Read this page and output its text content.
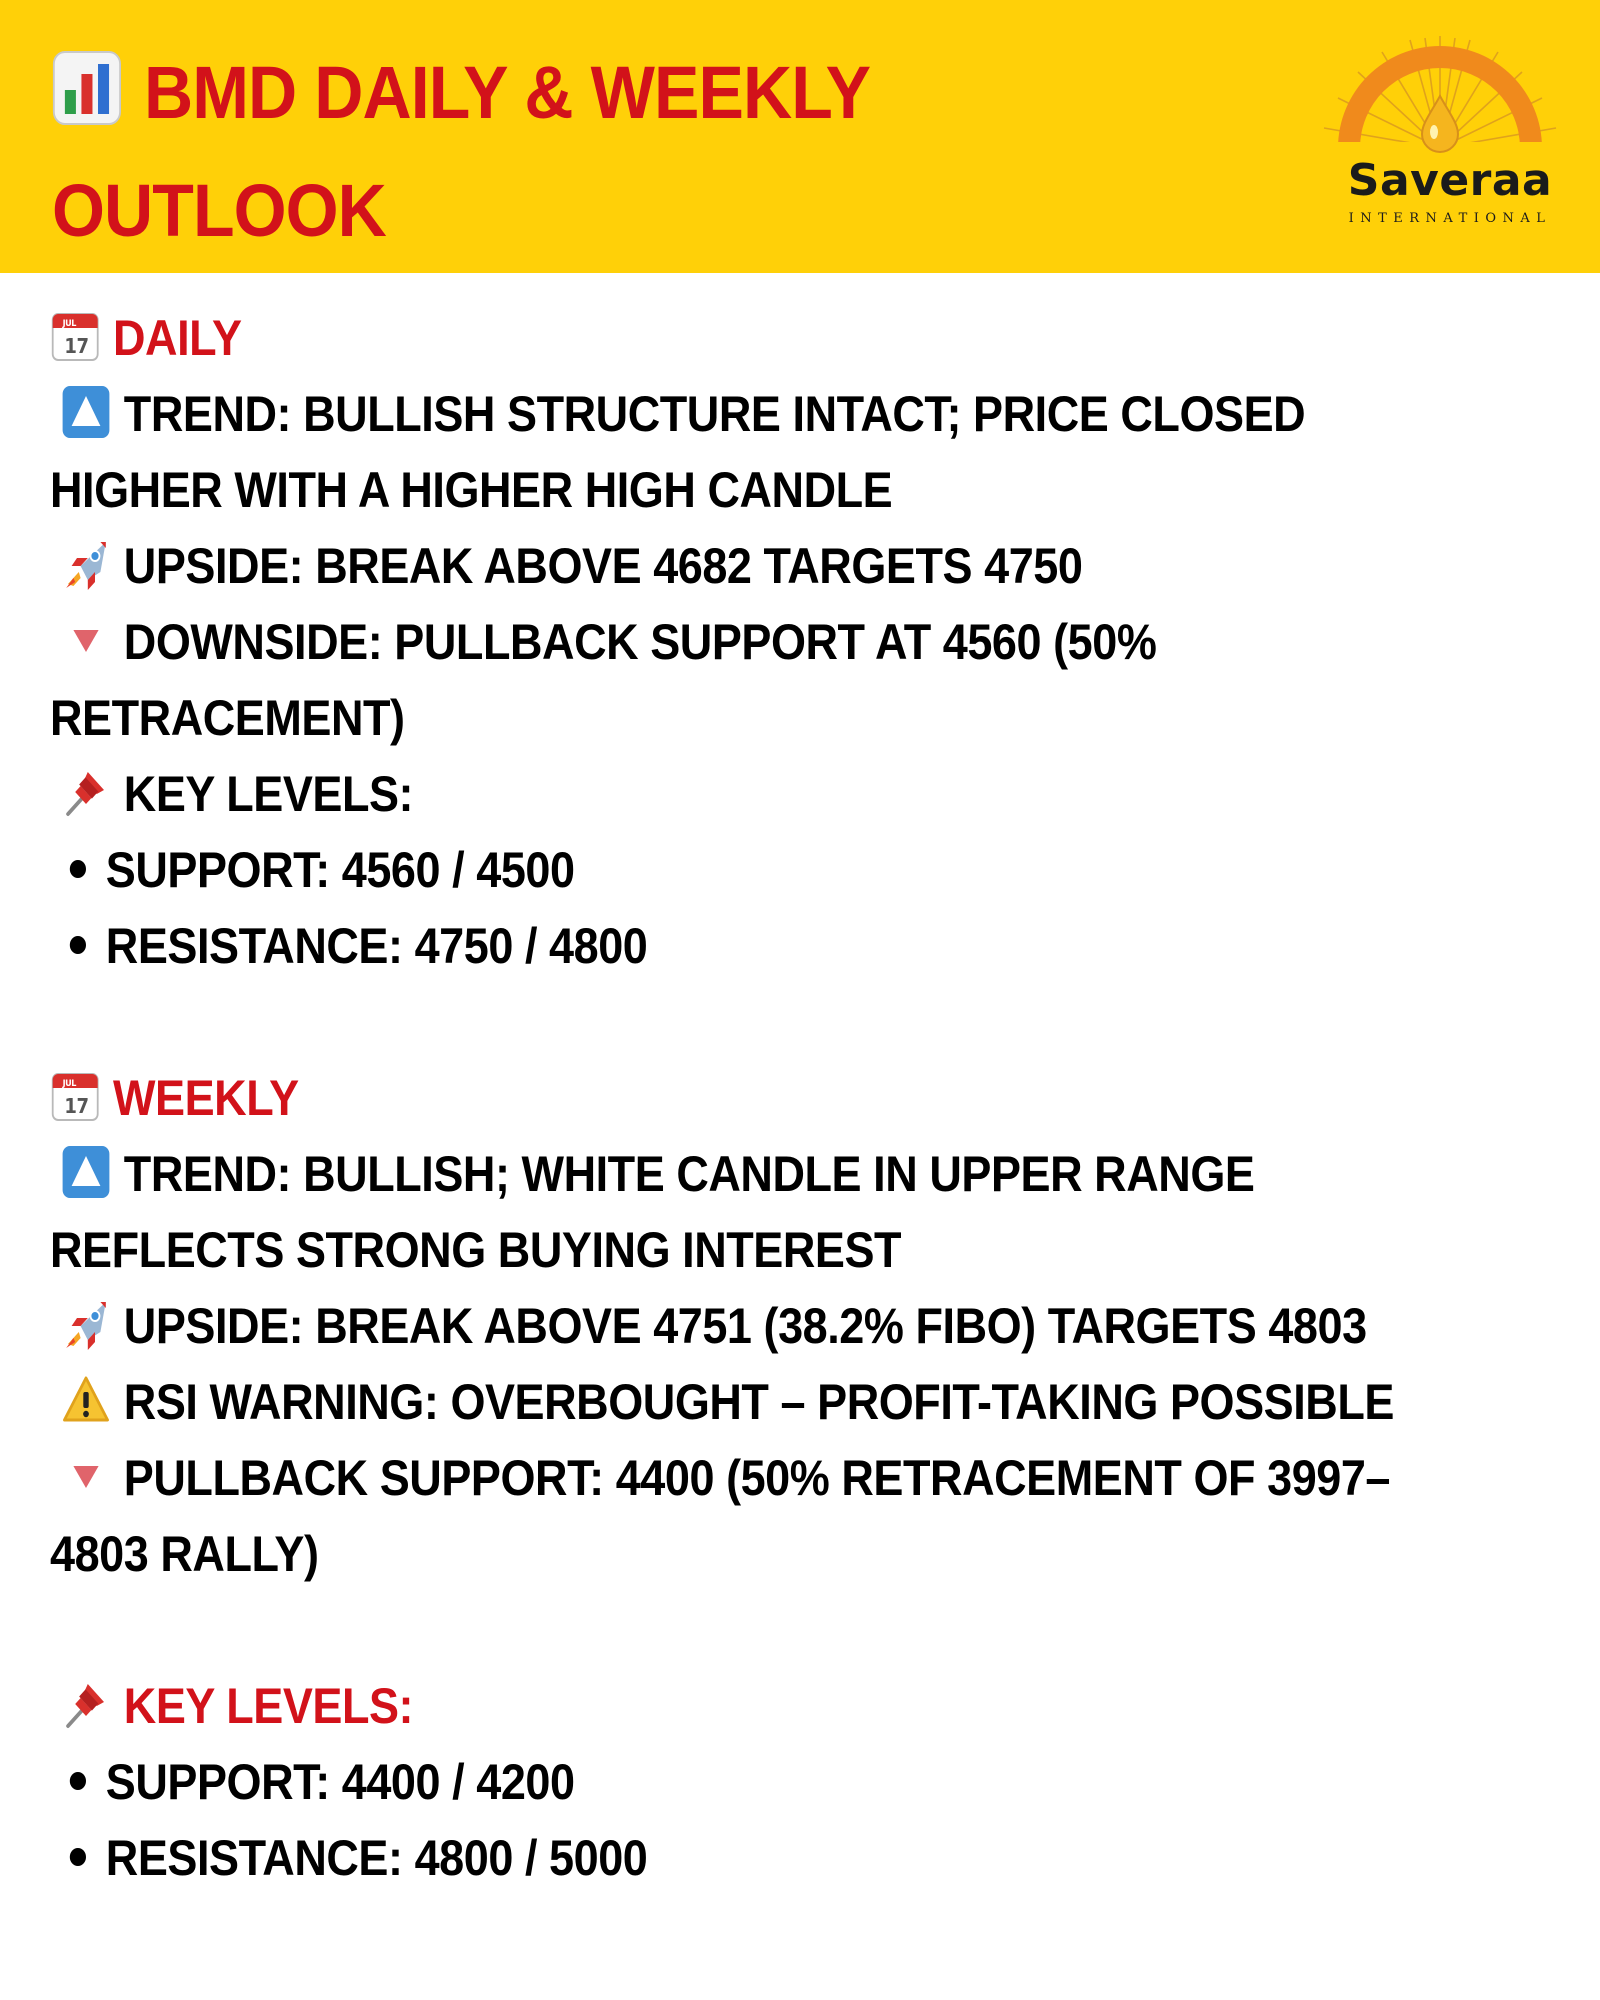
BMD DAILY & WEEKLY
OUTLOOK	Saveraa
INTERNATIONAL
JUL
17 DAILY
TREND: BULLISH STRUCTURE INTACT; PRICE CLOSED
HIGHER WITH A HIGHER HIGH CANDLE
UPSIDE: BREAK ABOVE 4682 TARGETS 4750
DOWNSIDE: PULLBACK SUPPORT AT 4560 (50%
RETRACEMENT)
KEY LEVELS:
SUPPORT: 4560 / 4500
RESISTANCE: 4750 / 4800
JUL
17 WEEKLY
TREND: BULLISH; WHITE CANDLE IN UPPER RANGE
REFLECTS STRONG BUYING INTEREST
UPSIDE: BREAK ABOVE 4751 (38.2% FIBO) TARGETS 4803
RSI WARNING: OVERBOUGHT – PROFIT-TAKING POSSIBLE
PULLBACK SUPPORT: 4400 (50% RETRACEMENT OF 3997–
4803 RALLY)
KEY LEVELS:
SUPPORT: 4400 / 4200
RESISTANCE: 4800 / 5000
